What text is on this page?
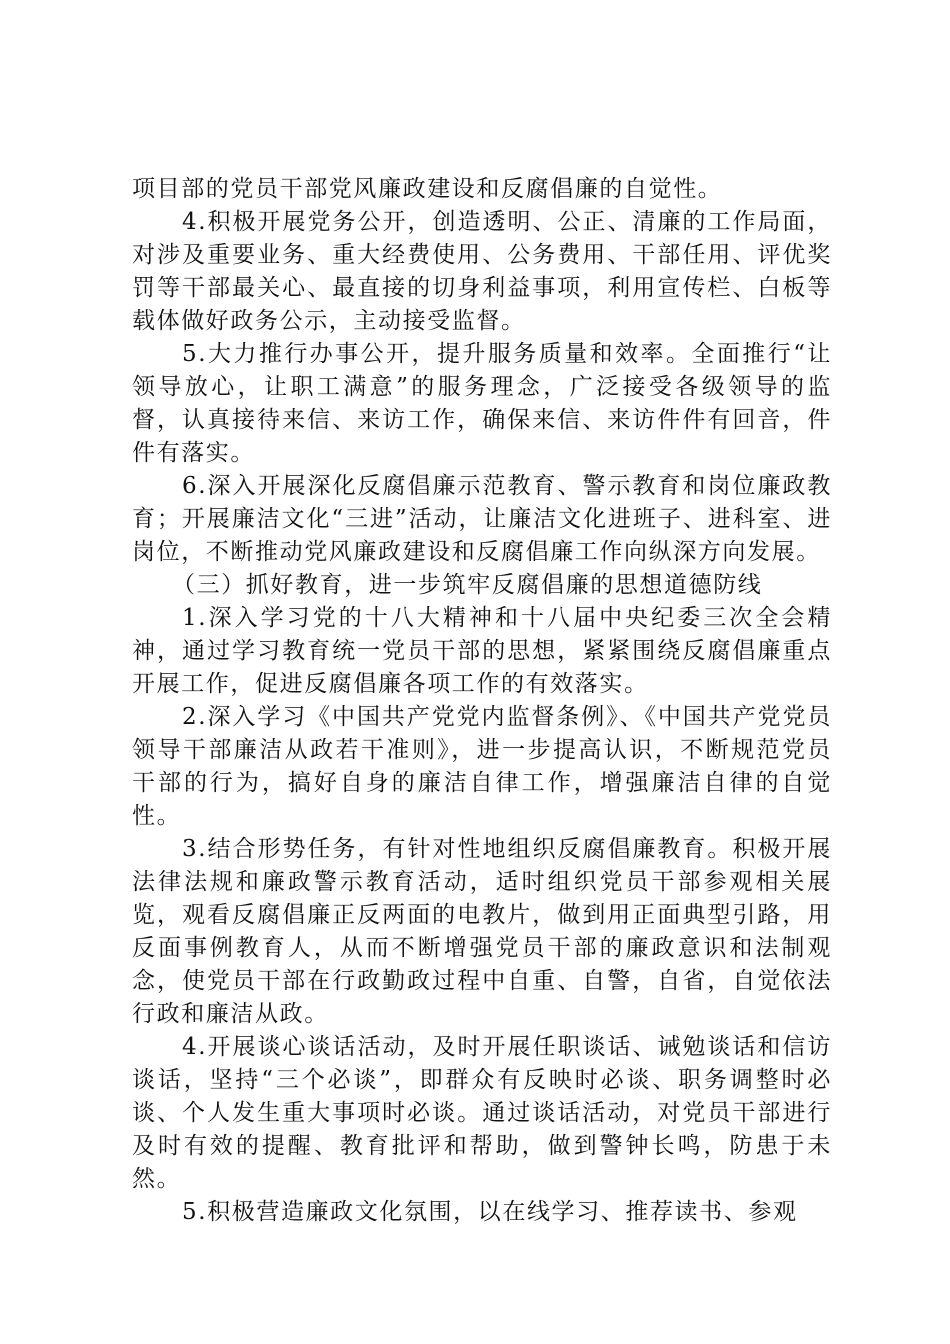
项目部的党员干部党风廉政建设和反腐倡廉的自觉性。

4.积极开展党务公开，创造透明、公正、清廉的工作局面，对涉及重要业务、重大经费使用、公务费用、干部任用、评优奖罚等干部最关心、最直接的切身利益事项，利用宣传栏、白板等载体做好政务公示，主动接受监督。

5.大力推行办事公开，提升服务质量和效率。全面推行“让领导放心，让职工满意”的服务理念，广泛接受各级领导的监督，认真接待来信、来访工作，确保来信、来访件件有回音，件件有落实。

6.深入开展深化反腐倡廉示范教育、警示教育和岗位廉政教育；开展廉洁文化“三进”活动，让廉洁文化进班子、进科室、进岗位，不断推动党风廉政建设和反腐倡廉工作向纵深方向发展。

（三）抓好教育，进一步筑牢反腐倡廉的思想道德防线

1.深入学习党的十八大精神和十八届中央纪委三次全会精神，通过学习教育统一党员干部的思想，紧紧围绕反腐倡廉重点开展工作，促进反腐倡廉各项工作的有效落实。

2.深入学习《中国共产党党内监督条例》、《中国共产党党员领导干部廉洁从政若干准则》，进一步提高认识，不断规范党员干部的行为，搞好自身的廉洁自律工作，增强廉洁自律的自觉性。

3.结合形势任务，有针对性地组织反腐倡廉教育。积极开展法律法规和廉政警示教育活动，适时组织党员干部参观相关展览，观看反腐倡廉正反两面的电教片，做到用正面典型引路，用反面事例教育人，从而不断增强党员干部的廉政意识和法制观念，使党员干部在行政勤政过程中自重、自警，自省，自觉依法行政和廉洁从政。

4.开展谈心谈话活动，及时开展任职谈话、诫勉谈话和信访谈话，坚持“三个必谈”，即群众有反映时必谈、职务调整时必谈、个人发生重大事项时必谈。通过谈话活动，对党员干部进行及时有效的提醒、教育批评和帮助，做到警钟长鸣，防患于未然。

5.积极营造廉政文化氛围，以在线学习、推荐读书、参观
